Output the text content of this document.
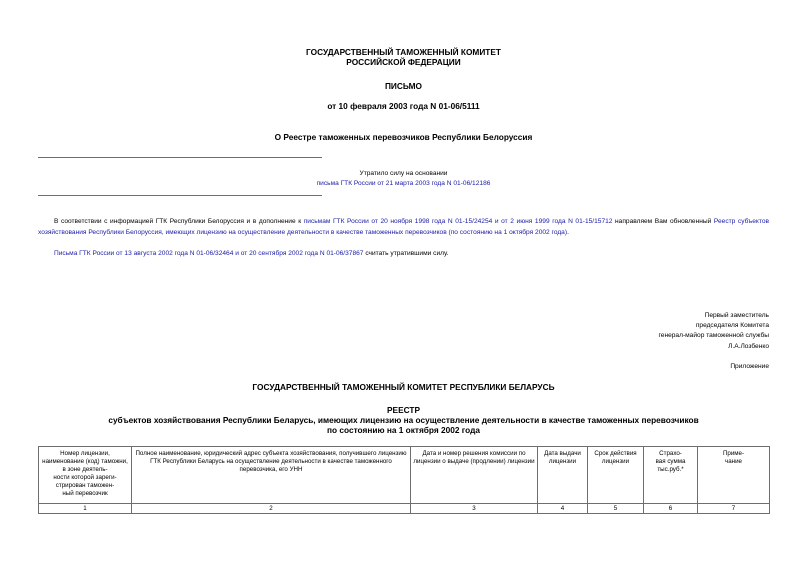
ГОСУДАРСТВЕННЫЙ ТАМОЖЕННЫЙ КОМИТЕТ
РОССИЙСКОЙ ФЕДЕРАЦИИ
ПИСЬМО
от 10 февраля 2003 года N 01-06/5111
О Реестре таможенных перевозчиков Республики Белоруссия
Утратило силу на основании
письма ГТК России от 21 марта 2003 года N 01-06/12186
В соответствии с информацией ГТК Республики Белоруссия и в дополнение к письмам ГТК России от 20 ноября 1998 года N 01-15/24254 и от 2 июня 1999 года N 01-15/15712 направляем Вам обновленный Реестр субъектов хозяйствования Республики Белоруссия, имеющих лицензию на осуществление деятельности в качестве таможенных перевозчиков (по состоянию на 1 октября 2002 года).
Письма ГТК России от 13 августа 2002 года N 01-06/32464 и от 20 сентября 2002 года N 01-06/37867 считать утратившими силу.
Первый заместитель
председателя Комитета
генерал-майор таможенной службы
Л.А.Лозбенко
Приложение
ГОСУДАРСТВЕННЫЙ ТАМОЖЕННЫЙ КОМИТЕТ РЕСПУБЛИКИ БЕЛАРУСЬ
РЕЕСТР
субъектов хозяйствования Республики Беларусь, имеющих лицензию на осуществление деятельности в качестве таможенных перевозчиков
по состоянию на 1 октября 2002 года
Номер лицензии, наименование (код) таможни, в зоне деятель-
ности которой зареги-
стрирован таможен-
ный перевозчик	Полное наименование, юридический адрес субъекта хозяйствования, получившего лицензию ГТК Республики Беларусь на осуществление деятельности в качестве таможенного перевозчика, его УНН	Дата и номер решения комиссии по лицензии о выдаче (продлении) лицензии	Дата выдачи лицензии	Срок действия лицензии	Страхо-
вая сумма тыс.руб.*	Приме-
чание
1	2	3	4	5	6	7
